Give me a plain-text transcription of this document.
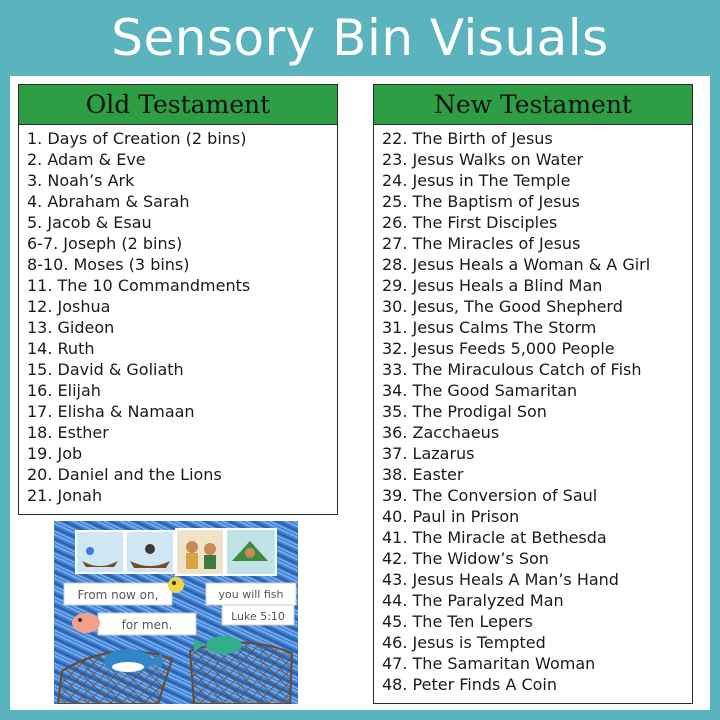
Sensory Bin Visuals
Old Testament
1. Days of Creation (2 bins)
2. Adam & Eve
3. Noah’s Ark
4. Abraham & Sarah
5. Jacob & Esau
6-7. Joseph (2 bins)
8-10. Moses (3 bins)
11. The 10 Commandments
12. Joshua
13. Gideon
14. Ruth
15. David & Goliath
16. Elijah
17. Elisha & Namaan
18. Esther
19. Job
20. Daniel and the Lions
21. Jonah
New Testament
22. The Birth of Jesus
23. Jesus Walks on Water
24. Jesus in The Temple
25. The Baptism of Jesus
26. The First Disciples
27. The Miracles of Jesus
28. Jesus Heals a Woman & A Girl
29. Jesus Heals a Blind Man
30. Jesus, The Good Shepherd
31. Jesus Calms The Storm
32. Jesus Feeds 5,000 People
33. The Miraculous Catch of Fish
34. The Good Samaritan
35. The Prodigal Son
36. Zacchaeus
37. Lazarus
38. Easter
39. The Conversion of Saul
40. Paul in Prison
41. The Miracle at Bethesda
42. The Widow’s Son
43. Jesus Heals A Man’s Hand
44. The Paralyzed Man
45. The Ten Lepers
46. Jesus is Tempted
47. The Samaritan Woman
48. Peter Finds A Coin
From now on,	you will fish
for men.
Luke 5:10
